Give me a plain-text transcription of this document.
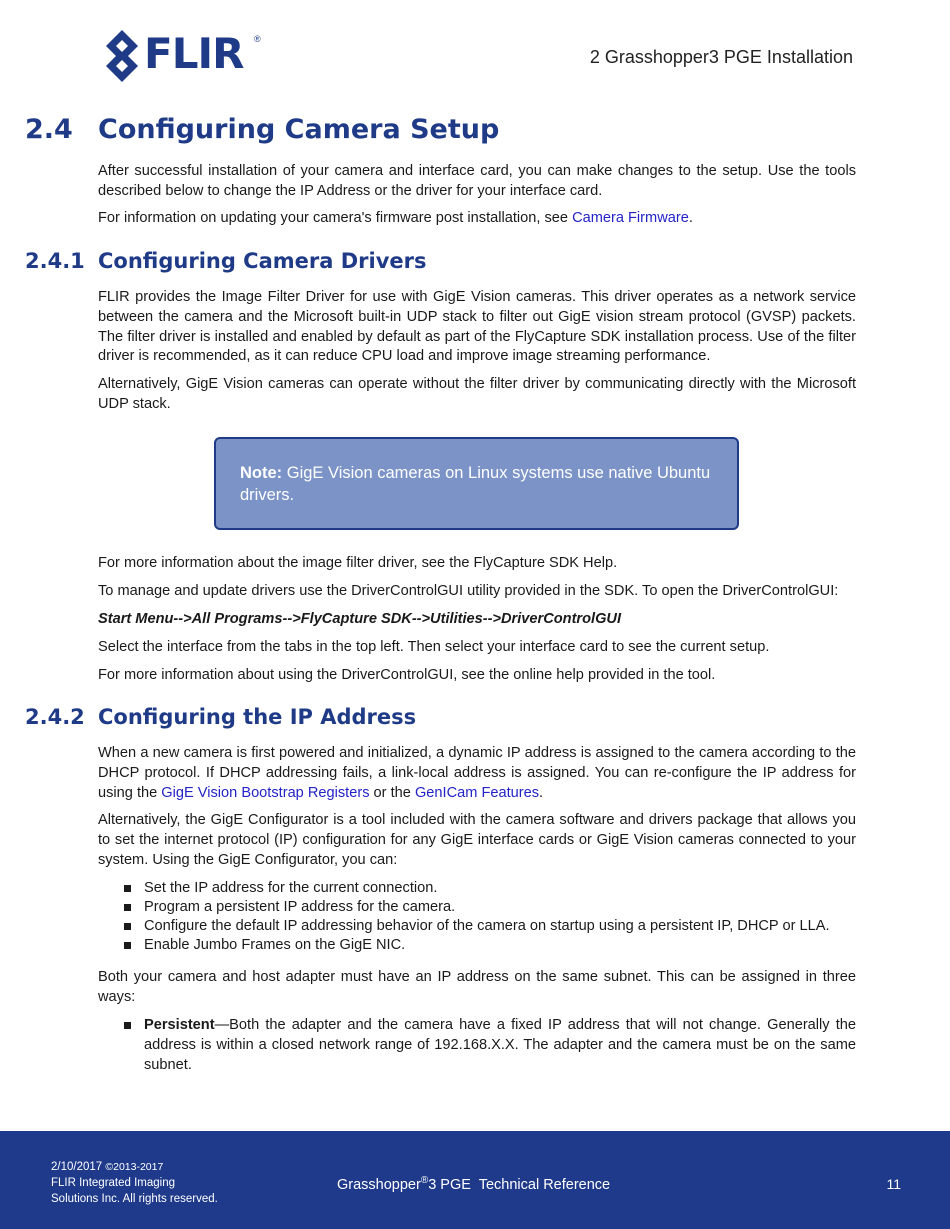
FLIR ®
2 Grasshopper3 PGE Installation
2.4 Configuring Camera Setup

After successful installation of your camera and interface card, you can make changes to the setup. Use the tools described below to change the IP Address or the driver for your interface card.

For information on updating your camera's firmware post installation, see Camera Firmware.

2.4.1 Configuring Camera Drivers

FLIR provides the Image Filter Driver for use with GigE Vision cameras. This driver operates as a network service between the camera and the Microsoft built-in UDP stack to filter out GigE vision stream protocol (GVSP) packets. The filter driver is installed and enabled by default as part of the FlyCapture SDK installation process. Use of the filter driver is recommended, as it can reduce CPU load and improve image streaming performance.

Alternatively, GigE Vision cameras can operate without the filter driver by communicating directly with the Microsoft UDP stack.

Note: GigE Vision cameras on Linux systems use native Ubuntu drivers.

For more information about the image filter driver, see the FlyCapture SDK Help.

To manage and update drivers use the DriverControlGUI utility provided in the SDK. To open the DriverControlGUI:

Start Menu-->All Programs-->FlyCapture SDK-->Utilities-->DriverControlGUI

Select the interface from the tabs in the top left. Then select your interface card to see the current setup.

For more information about using the DriverControlGUI, see the online help provided in the tool.

2.4.2 Configuring the IP Address

When a new camera is first powered and initialized, a dynamic IP address is assigned to the camera according to the DHCP protocol. If DHCP addressing fails, a link-local address is assigned. You can re-configure the IP address for using the GigE Vision Bootstrap Registers or the GenICam Features.

Alternatively, the GigE Configurator is a tool included with the camera software and drivers package that allows you to set the internet protocol (IP) configuration for any GigE interface cards or GigE Vision cameras connected to your system. Using the GigE Configurator, you can:

Set the IP address for the current connection.
Program a persistent IP address for the camera.
Configure the default IP addressing behavior of the camera on startup using a persistent IP, DHCP or LLA.
Enable Jumbo Frames on the GigE NIC.

Both your camera and host adapter must have an IP address on the same subnet. This can be assigned in three ways:

Persistent—Both the adapter and the camera have a fixed IP address that will not change. Generally the address is within a closed network range of 192.168.X.X. The adapter and the camera must be on the same subnet.
2/10/2017 ©2013-2017
FLIR Integrated Imaging
Solutions Inc. All rights reserved.
Grasshopper®3 PGE  Technical Reference	11
